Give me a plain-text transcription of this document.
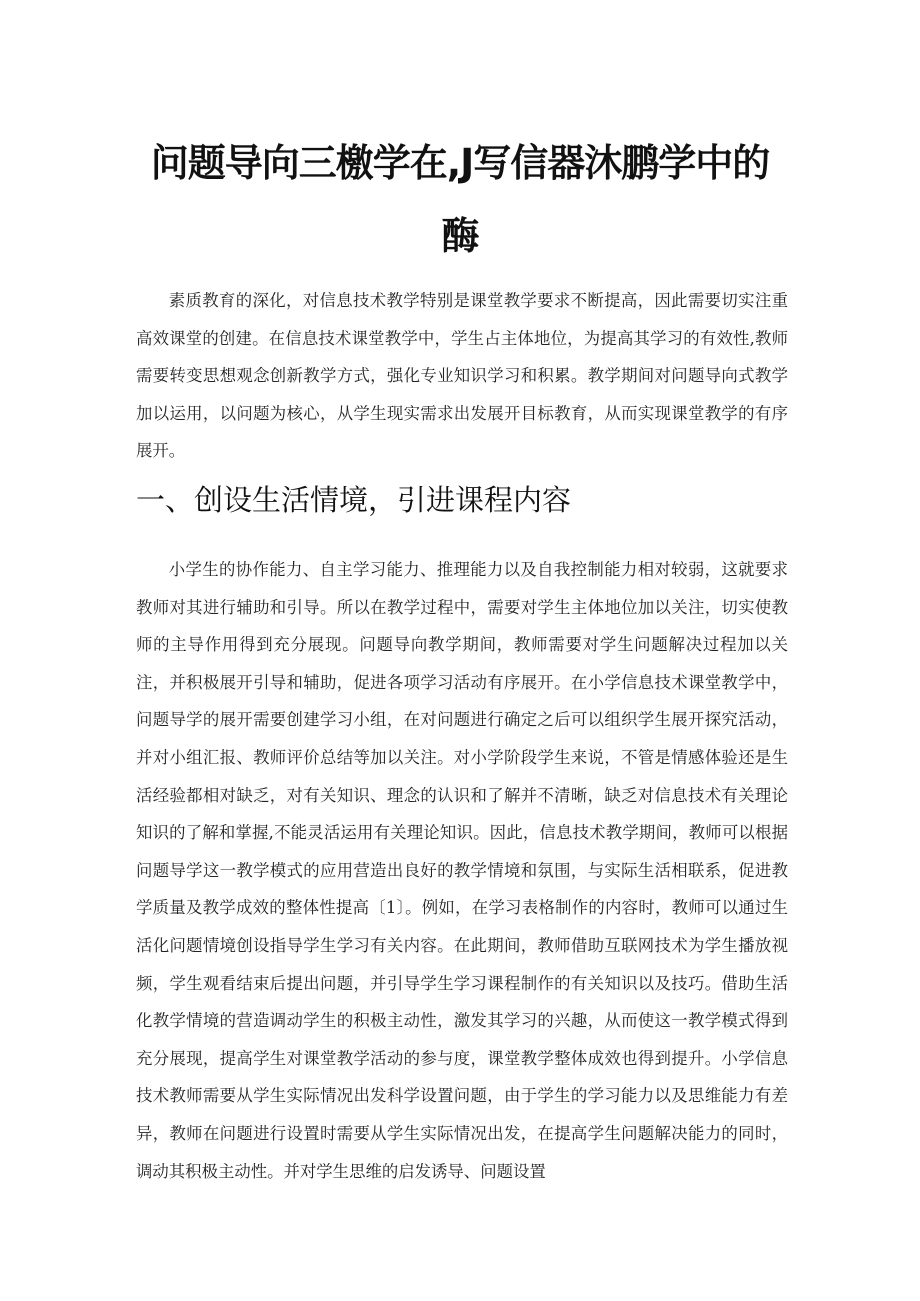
问题导向三檄学在,J写信器沐鹏学中的
酶

素质教育的深化，对信息技术教学特别是课堂教学要求不断提高，因此需要切实注重高效课堂的创建。在信息技术课堂教学中，学生占主体地位，为提高其学习的有效性,教师需要转变思想观念创新教学方式，强化专业知识学习和积累。教学期间对问题导向式教学加以运用，以问题为核心，从学生现实需求出发展开目标教育，从而实现课堂教学的有序展开。

一、创设生活情境，引进课程内容

小学生的协作能力、自主学习能力、推理能力以及自我控制能力相对较弱，这就要求教师对其进行辅助和引导。所以在教学过程中，需要对学生主体地位加以关注，切实使教师的主导作用得到充分展现。问题导向教学期间，教师需要对学生问题解决过程加以关注，并积极展开引导和辅助，促进各项学习活动有序展开。在小学信息技术课堂教学中，问题导学的展开需要创建学习小组，在对问题进行确定之后可以组织学生展开探究活动，并对小组汇报、教师评价总结等加以关注。对小学阶段学生来说，不管是情感体验还是生活经验都相对缺乏，对有关知识、理念的认识和了解并不清晰，缺乏对信息技术有关理论知识的了解和掌握,不能灵活运用有关理论知识。因此，信息技术教学期间，教师可以根据问题导学这一教学模式的应用营造出良好的教学情境和氛围，与实际生活相联系，促进教学质量及教学成效的整体性提高〔1〕。例如，在学习表格制作的内容时，教师可以通过生活化问题情境创设指导学生学习有关内容。在此期间，教师借助互联网技术为学生播放视频，学生观看结束后提出问题，并引导学生学习课程制作的有关知识以及技巧。借助生活化教学情境的营造调动学生的积极主动性，激发其学习的兴趣，从而使这一教学模式得到充分展现，提高学生对课堂教学活动的参与度，课堂教学整体成效也得到提升。小学信息技术教师需要从学生实际情况出发科学设置问题，由于学生的学习能力以及思维能力有差异，教师在问题进行设置时需要从学生实际情况出发，在提高学生问题解决能力的同时，调动其积极主动性。并对学生思维的启发诱导、问题设置
